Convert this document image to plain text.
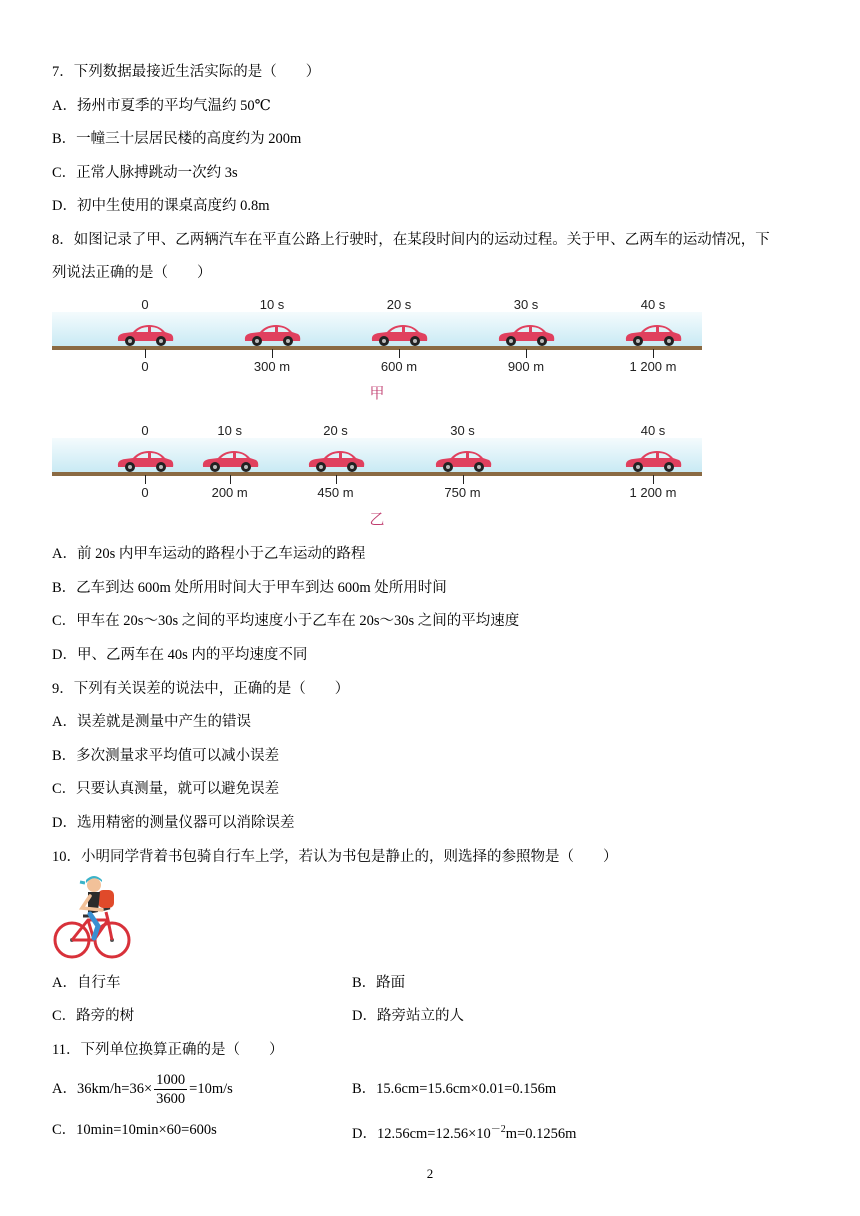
7．下列数据最接近生活实际的是（　　）
A．扬州市夏季的平均气温约 50℃
B．一幢三十层居民楼的高度约为 200m
C．正常人脉搏跳动一次约 3s
D．初中生使用的课桌高度约 0.8m
8．如图记录了甲、乙两辆汽车在平直公路上行驶时，在某段时间内的运动过程。关于甲、乙两车的运动情况，下
列说法正确的是（　　）
0
0
10 s
300 m
20 s
600 m
30 s
900 m
40 s
1 200 m
甲
0
0
10 s
200 m
20 s
450 m
30 s
750 m
40 s
1 200 m
乙
A．前 20s 内甲车运动的路程小于乙车运动的路程
B．乙车到达 600m 处所用时间大于甲车到达 600m 处所用时间
C．甲车在 20s～30s 之间的平均速度小于乙车在 20s～30s 之间的平均速度
D．甲、乙两车在 40s 内的平均速度不同
9．下列有关误差的说法中，正确的是（　　）
A．误差就是测量中产生的错误
B．多次测量求平均值可以减小误差
C．只要认真测量，就可以避免误差
D．选用精密的测量仪器可以消除误差
10．小明同学背着书包骑自行车上学，若认为书包是静止的，则选择的参照物是（　　）
A．自行车	B．路面
C．路旁的树	D．路旁站立的人
11．下列单位换算正确的是（　　）
A．$36km/h=36\times \frac{1000}{3600} =10m/s$	B．15.6cm=15.6cm×0.01=0.156m
C．10min=10min×60=600s	D．$12.56cm=12.56\times 10^{-2}m=0.1256m$
2
